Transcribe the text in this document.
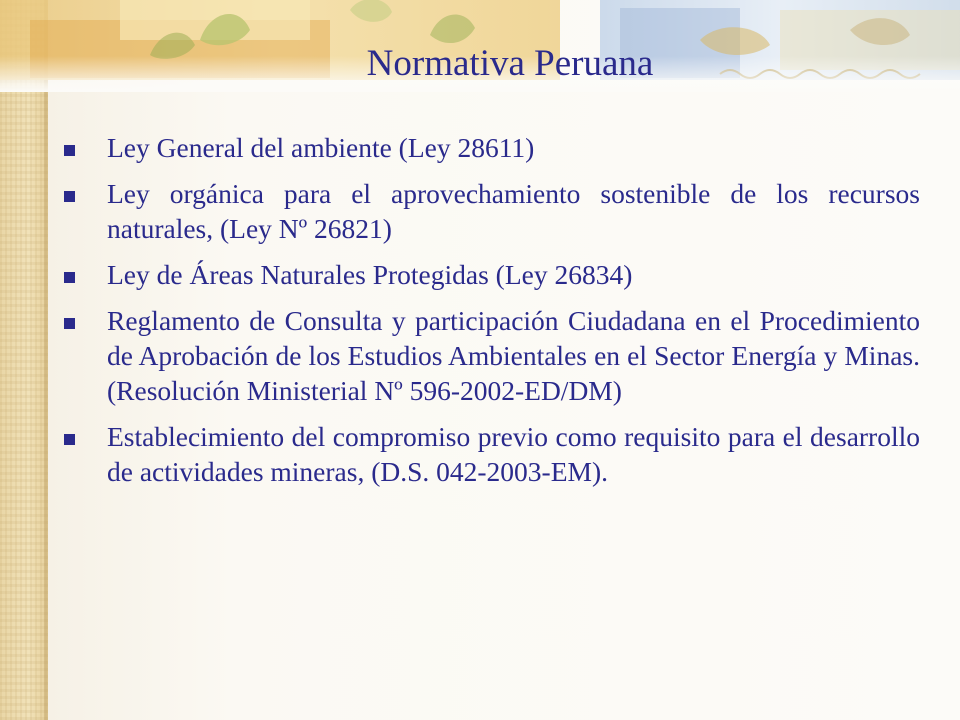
Normativa Peruana
Ley General del ambiente (Ley 28611)
Ley orgánica para el aprovechamiento sostenible de los recursos naturales, (Ley Nº 26821)
Ley de Áreas Naturales Protegidas (Ley 26834)
Reglamento de Consulta y participación Ciudadana en el Procedimiento de Aprobación de los Estudios Ambientales en el Sector Energía y Minas. (Resolución Ministerial Nº 596-2002-ED/DM)
Establecimiento del compromiso previo como requisito para el desarrollo de actividades mineras, (D.S. 042-2003-EM).
